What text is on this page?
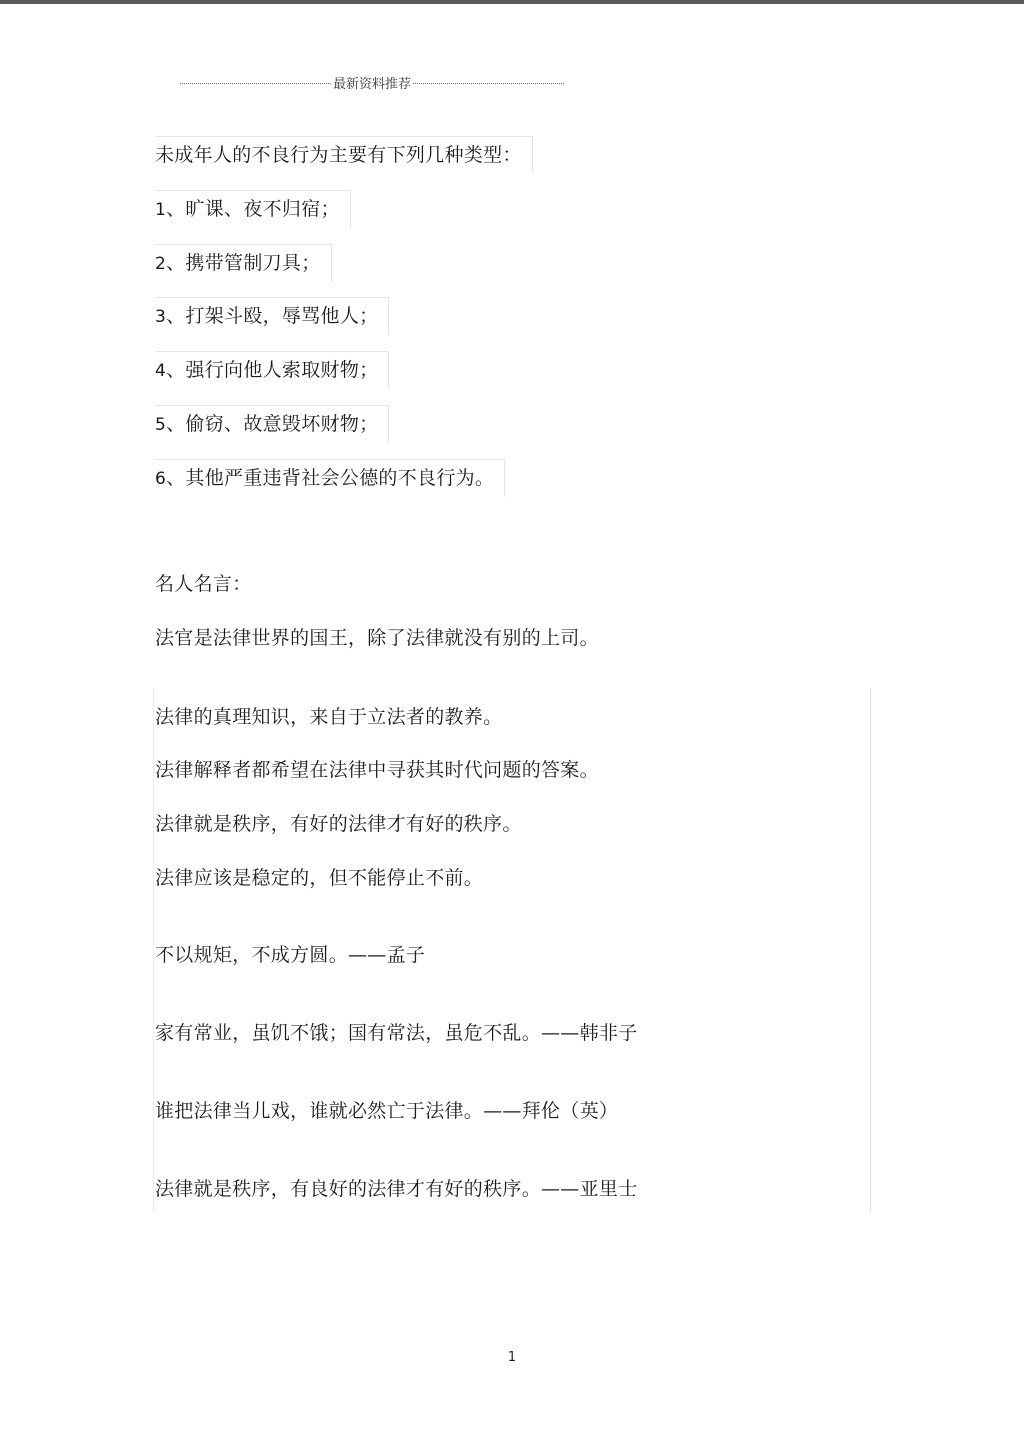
最新资料推荐
未成年人的不良行为主要有下列几种类型：
1、旷课、夜不归宿；
2、携带管制刀具；
3、打架斗殴，辱骂他人；
4、强行向他人索取财物；
5、偷窃、故意毁坏财物；
6、其他严重违背社会公德的不良行为。
名人名言：
法官是法律世界的国王，除了法律就没有别的上司。
法律的真理知识，来自于立法者的教养。
法律解释者都希望在法律中寻获其时代问题的答案。
法律就是秩序，有好的法律才有好的秩序。
法律应该是稳定的，但不能停止不前。
不以规矩，不成方圆。——孟子
家有常业，虽饥不饿；国有常法，虽危不乱。——韩非子
谁把法律当儿戏，谁就必然亡于法律。——拜伦（英）
法律就是秩序，有良好的法律才有好的秩序。——亚里士
1
